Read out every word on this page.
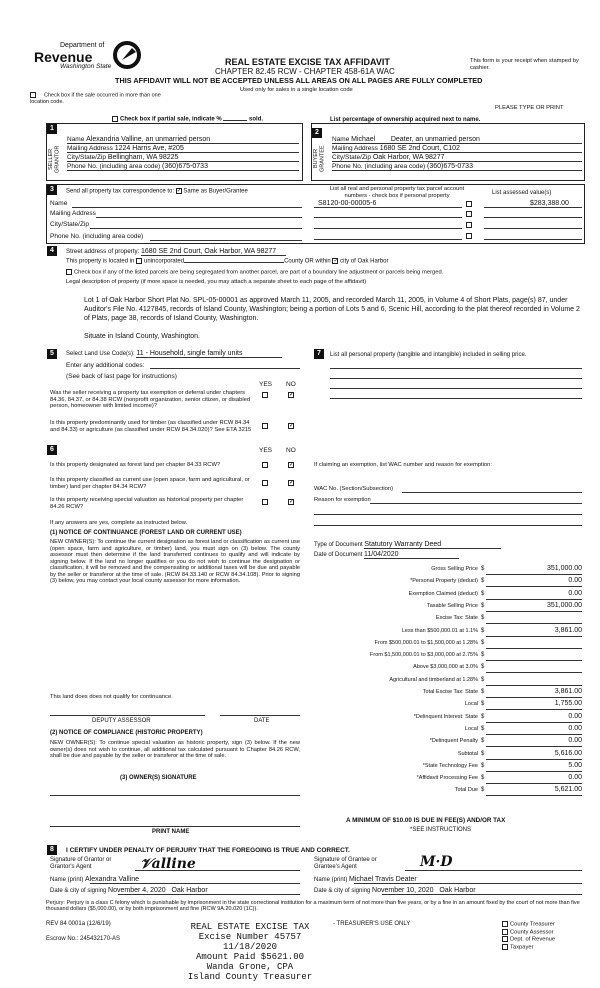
Department of
Revenue
Washington State	REAL ESTATE EXCISE TAX AFFIDAVIT
CHAPTER 82.45 RCW - CHAPTER 458-61A WAC
THIS AFFIDAVIT WILL NOT BE ACCEPTED UNLESS ALL AREAS ON ALL PAGES ARE FULLY COMPLETED
Used only for sales in a single location code
This form is your receipt when stamped by cashier.
Check box if the sale occurred in more than one location code.
PLEASE TYPE OR PRINT
Check box if partial sale, indicate %	sold.	List percentage of ownership acquired next to name.
1
SELLER GRANTOR
Name Alexandria Valline, an unmarried person
Mailing Address 1224 Harris Ave, #205
City/State/Zip Bellingham, WA 98225
Phone No. (including area code) (360)675-0733
2
BUYER GRANTEE
Name Michael        Deater, an unmarried person
Mailing Address 1680 SE 2nd Court, C102
City/State/Zip Oak Harbor, WA 98277
Phone No. (including area code) (360)675-0733
3	Send all property tax correspondence to: ✓ Same as Buyer/Grantee
Name
Mailing Address
City/State/Zip
Phone No. (including area code)
List all real and personal property tax parcel account numbers - check box if personal property	List assessed value(s)
S8120-00-00005-6	$283,388.00
4	Street address of property: 1680 SE 2nd Court, Oak Harbor, WA 98277
This property is located in unincorporated	County OR within ✓ city of Oak Harbor
Check box if any of the listed parcels are being segregated from another parcel, are part of a boundary line adjustment or parcels being merged.
Legal description of property (if more space is needed, you may attach a separate sheet to each page of the affidavit)
Lot 1 of Oak Harbor Short Plat No. SPL-05-00001 as approved March 11, 2005, and recorded March 11, 2005, in Volume 4 of Short Plats, page(s) 87, under Auditor's File No. 4127845, records of Island County, Washington; being a portion of Lots 5 and 6, Scenic Hill, according to the plat thereof recorded in Volume 2 of Plats, page 38, records of Island County, Washington.
Situate in Island County, Washington.
5	Select Land Use Code(s): 11 - Household, single family units
Enter any additional codes:
(See back of last page for instructions)
YES NO
Was the seller receiving a property tax exemption or deferral under chapters 84.36, 84.37, or 84.38 RCW (nonprofit organization, senior citizen, or disabled person, homeowner with limited income)?
✓
Is this property predominantly used for timber (as classified under RCW 84.34 and 84.33) or agriculture (as classified under RCW 84.34.020)? See ETA 3215
✓
7	List all personal property (tangible and intangible) included in selling price.
6	YES NO
Is this property designated as forest land per chapter 84.33 RCW?	✓
Is this property classified as current use (open space, farm and agricultural, or timber) land per chapter 84.34 RCW?
✓
Is this property receiving special valuation as historical property per chapter 84.26 RCW?
✓
If any answers are yes, complete as instructed below.
(1) NOTICE OF CONTINUANCE (FOREST LAND OR CURRENT USE)
NEW OWNER(S): To continue the current designation as forest land or classification as current use (open space, farm and agriculture, or timber) land, you must sign on (3) below. The county assessor must then determine if the land transferred continues to qualify and will indicate by signing below. If the land no longer qualifies or you do not wish to continue the designation or classification, it will be removed and the compensating or additional taxes will be due and payable by the seller or transferor at the time of sale. (RCW 84.33.140 or RCW 84.34.108). Prior to signing (3) below, you may contact your local county assessor for more information.
This land does does not qualify for continuance.
DEPUTY ASSESSOR	DATE
(2) NOTICE OF COMPLIANCE (HISTORIC PROPERTY)
NEW OWNER(S): To continue special valuation as historic property, sign (3) below. If the new owner(s) does not wish to continue, all additional tax calculated pursuant to Chapter 84.26 RCW, shall be due and payable by the seller or transferor at the time of sale.
(3) OWNER(S) SIGNATURE
PRINT NAME
If claiming an exemption, list WAC number and reason for exemption:
WAC No. (Section/Subsection)
Reason for exemption
Type of Document Statutory Warranty Deed
Date of Document 11/04/2020
Gross Selling Price $	351,000.00
*Personal Property (deduct) $	0.00
Exemption Claimed (deduct) $	0.00
Taxable Selling Price $	351,000.00
Excise Tax: State $
Less than $500,000.01 at 1.1% $	3,861.00
From $500,000.01 to $1,500,000 at 1.28% $
From $1,500,000.01 to $3,000,000 at 2.75% $
Above $3,000,000 at 3.0% $
Agricultural and timberland at 1.28% $
Total Excise Tax: State $	3,861.00
Local $	1,755.00
*Delinquent Interest: State $	0.00
Local $	0.00
*Delinquent Penalty $	0.00
Subtotal $	5,616.00
*State Technology Fee $	5.00
*Affidavit Processing Fee $	0.00
Total Due $	5,621.00
A MINIMUM OF $10.00 IS DUE IN FEE(S) AND/OR TAX
*SEE INSTRUCTIONS
8	I CERTIFY UNDER PENALTY OF PERJURY THAT THE FOREGOING IS TRUE AND CORRECT.
Signature of Grantor or Grantor's Agent	𝒱alline	Signature of Grantee or Grantee's Agent	M·D
Name (print) Alexandra Valline	Name (print) Michael Travis Deater
Date & city of signing November 4, 2020   Oak Harbor	Date & city of signing November 10, 2020   Oak Harbor
Perjury: Perjury is a class C felony which is punishable by imprisonment in the state correctional institution for a maximum term of not more than five years, or by a fine in an amount fixed by the court of not more than five thousand dollars ($5,000.00), or by both imprisonment and fine (RCW 9A.20.020 (1C)).
REV 84 0001a (12/6/19)
Escrow No.: 245432170-AS
- TREASURER'S USE ONLY	County Treasurer
County Assessor
Dept. of Revenue
Taxpayer
REAL ESTATE EXCISE TAX
Excise Number 45757
11/18/2020
Amount Paid $5621.00
Wanda Grone, CPA
Island County Treasurer
